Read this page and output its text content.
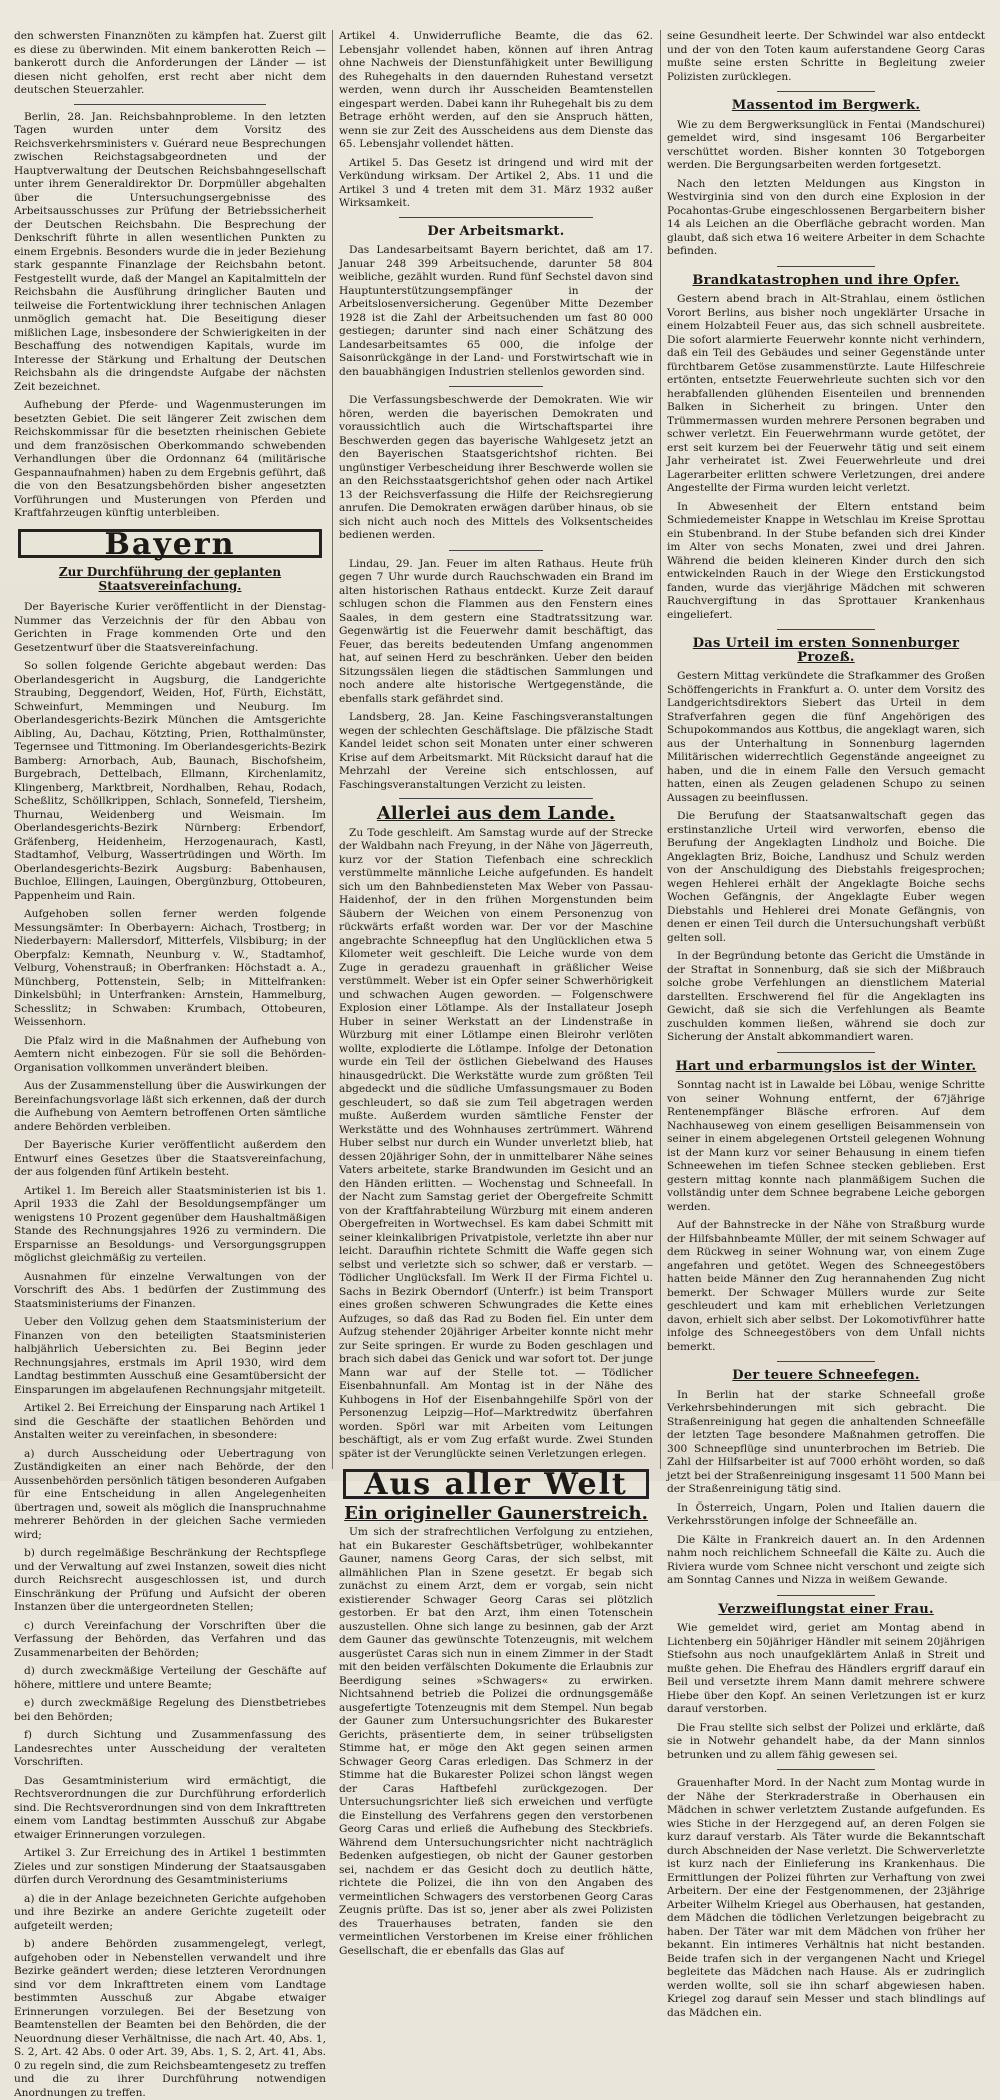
den schwersten Finanznöten zu kämpfen hat. Zuerst gilt es diese zu überwinden. Mit einem bankerotten Reich — bankerott durch die Anforderungen der Länder — ist diesen nicht geholfen, erst recht aber nicht dem deutschen Steuerzahler.

Berlin, 28. Jan. Reichsbahnprobleme. In den letzten Tagen wurden unter dem Vorsitz des Reichsverkehrsministers v. Guérard neue Besprechungen zwischen Reichstagsabgeordneten und der Hauptverwaltung der Deutschen Reichsbahngesellschaft unter ihrem Generaldirektor Dr. Dorpmüller abgehalten über die Untersuchungsergebnisse des Arbeitsausschusses zur Prüfung der Betriebssicherheit der Deutschen Reichsbahn. Die Besprechung der Denkschrift führte in allen wesentlichen Punkten zu einem Ergebnis. Besonders wurde die in jeder Beziehung stark gespannte Finanzlage der Reichsbahn betont. Festgestellt wurde, daß der Mangel an Kapitalmitteln der Reichsbahn die Ausführung dringlicher Bauten und teilweise die Fortentwicklung ihrer technischen Anlagen unmöglich gemacht hat. Die Beseitigung dieser mißlichen Lage, insbesondere der Schwierigkeiten in der Beschaffung des notwendigen Kapitals, wurde im Interesse der Stärkung und Erhaltung der Deutschen Reichsbahn als die dringendste Aufgabe der nächsten Zeit bezeichnet.

Aufhebung der Pferde- und Wagenmusterungen im besetzten Gebiet. Die seit längerer Zeit zwischen dem Reichskommissar für die besetzten rheinischen Gebiete und dem französischen Oberkommando schwebenden Verhandlungen über die Ordonnanz 64 (militärische Gespannaufnahmen) haben zu dem Ergebnis geführt, daß die von den Besatzungsbehörden bisher angesetzten Vorführungen und Musterungen von Pferden und Kraftfahrzeugen künftig unterbleiben.

Bayern
Zur Durchführung der geplanten Staatsvereinfachung.

Der Bayerische Kurier veröffentlicht in der Dienstag-Nummer das Verzeichnis der für den Abbau von Gerichten in Frage kommenden Orte und den Gesetzentwurf über die Staatsvereinfachung.

So sollen folgende Gerichte abgebaut werden: Das Oberlandesgericht in Augsburg, die Landgerichte Straubing, Deggendorf, Weiden, Hof, Fürth, Eichstätt, Schweinfurt, Memmingen und Neuburg. Im Oberlandesgerichts-Bezirk München die Amtsgerichte Aibling, Au, Dachau, Kötzting, Prien, Rotthalmünster, Tegernsee und Tittmoning. Im Oberlandesgerichts-Bezirk Bamberg: Arnorbach, Aub, Baunach, Bischofsheim, Burgebrach, Dettelbach, Ellmann, Kirchenlamitz, Klingenberg, Marktbreit, Nordhalben, Rehau, Rodach, Scheßlitz, Schöllkrippen, Schlach, Sonnefeld, Tiersheim, Thurnau, Weidenberg und Weismain. Im Oberlandesgerichts-Bezirk Nürnberg: Erbendorf, Gräfenberg, Heidenheim, Herzogenaurach, Kastl, Stadtamhof, Velburg, Wassertrüdingen und Wörth. Im Oberlandesgerichts-Bezirk Augsburg: Babenhausen, Buchloe, Ellingen, Lauingen, Obergünzburg, Ottobeuren, Pappenheim und Rain.

Aufgehoben sollen ferner werden folgende Messungsämter: In Oberbayern: Aichach, Trostberg; in Niederbayern: Mallersdorf, Mitterfels, Vilsbiburg; in der Oberpfalz: Kemnath, Neunburg v. W., Stadtamhof, Velburg, Vohenstrauß; in Oberfranken: Höchstadt a. A., Münchberg, Pottenstein, Selb; in Mittelfranken: Dinkelsbühl; in Unterfranken: Arnstein, Hammelburg, Schesslitz; in Schwaben: Krumbach, Ottobeuren, Weissenhorn.

Die Pfalz wird in die Maßnahmen der Aufhebung von Aemtern nicht einbezogen. Für sie soll die Behörden-Organisation vollkommen unverändert bleiben.

Aus der Zusammenstellung über die Auswirkungen der Bereinfachungsvorlage läßt sich erkennen, daß der durch die Aufhebung von Aemtern betroffenen Orten sämtliche andere Behörden verbleiben.

Der Bayerische Kurier veröffentlicht außerdem den Entwurf eines Gesetzes über die Staatsvereinfachung, der aus folgenden fünf Artikeln besteht.

Artikel 1. Im Bereich aller Staatsministerien ist bis 1. April 1933 die Zahl der Besoldungsempfänger um wenigstens 10 Prozent gegenüber dem Haushaltmäßigen Stande des Rechnungsjahres 1926 zu vermindern. Die Ersparnisse an Besoldungs- und Versorgungsgruppen möglichst gleichmäßig zu verteilen.

Ausnahmen für einzelne Verwaltungen von der Vorschrift des Abs. 1 bedürfen der Zustimmung des Staatsministeriums der Finanzen.

Ueber den Vollzug gehen dem Staatsministerium der Finanzen von den beteiligten Staatsministerien halbjährlich Uebersichten zu. Bei Beginn jeder Rechnungsjahres, erstmals im April 1930, wird dem Landtag bestimmten Ausschuß eine Gesamtübersicht der Einsparungen im abgelaufenen Rechnungsjahr mitgeteilt.

Artikel 2. Bei Erreichung der Einsparung nach Artikel 1 sind die Geschäfte der staatlichen Behörden und Anstalten weiter zu vereinfachen, in sbesondere:

a) durch Ausscheidung oder Uebertragung von Zuständigkeiten an einer nach Behörde, der den Aussenbehörden persönlich tätigen besonderen Aufgaben für eine Entscheidung in allen Angelegenheiten übertragen und, soweit als möglich die Inanspruchnahme mehrerer Behörden in der gleichen Sache vermieden wird;

b) durch regelmäßige Beschränkung der Rechtspflege und der Verwaltung auf zwei Instanzen, soweit dies nicht durch Reichsrecht ausgeschlossen ist, und durch Einschränkung der Prüfung und Aufsicht der oberen Instanzen über die untergeordneten Stellen;

c) durch Vereinfachung der Vorschriften über die Verfassung der Behörden, das Verfahren und das Zusammenarbeiten der Behörden;

d) durch zweckmäßige Verteilung der Geschäfte auf höhere, mittlere und untere Beamte;

e) durch zweckmäßige Regelung des Dienstbetriebes bei den Behörden;

f) durch Sichtung und Zusammenfassung des Landesrechtes unter Ausscheidung der veralteten Vorschriften.

Das Gesamtministerium wird ermächtigt, die Rechtsverordnungen die zur Durchführung erforderlich sind. Die Rechtsverordnungen sind von dem Inkrafttreten einem vom Landtag bestimmten Ausschuß zur Abgabe etwaiger Erinnerungen vorzulegen.

Artikel 3. Zur Erreichung des in Artikel 1 bestimmten Zieles und zur sonstigen Minderung der Staatsausgaben dürfen durch Verordnung des Gesamtministeriums

a) die in der Anlage bezeichneten Gerichte aufgehoben und ihre Bezirke an andere Gerichte zugeteilt oder aufgeteilt werden;

b) andere Behörden zusammengelegt, verlegt, aufgehoben oder in Nebenstellen verwandelt und ihre Bezirke geändert werden; diese letzteren Verordnungen sind vor dem Inkrafttreten einem vom Landtage bestimmten Ausschuß zur Abgabe etwaiger Erinnerungen vorzulegen. Bei der Besetzung von Beamtenstellen der Beamten bei den Behörden, die der Neuordnung dieser Verhältnisse, die nach Art. 40, Abs. 1, S. 2, Art. 42 Abs. 0 oder Art. 39, Abs. 1, S. 2, Art. 41, Abs. 0 zu regeln sind, die zum Reichsbeamtengesetz zu treffen und die zu ihrer Durchführung notwendigen Anordnungen zu treffen.

Artikel 4. Unwiderrufliche Beamte, die das 62. Lebensjahr vollendet haben, können auf ihren Antrag ohne Nachweis der Dienstunfähigkeit unter Bewilligung des Ruhegehalts in den dauernden Ruhestand versetzt werden, wenn durch ihr Ausscheiden Beamtenstellen eingespart werden. Dabei kann ihr Ruhegehalt bis zu dem Betrage erhöht werden, auf den sie Anspruch hätten, wenn sie zur Zeit des Ausscheidens aus dem Dienste das 65. Lebensjahr vollendet hätten.

Artikel 5. Das Gesetz ist dringend und wird mit der Verkündung wirksam. Der Artikel 2, Abs. 11 und die Artikel 3 und 4 treten mit dem 31. März 1932 außer Wirksamkeit.

Der Arbeitsmarkt.

Das Landesarbeitsamt Bayern berichtet, daß am 17. Januar 248 399 Arbeitsuchende, darunter 58 804 weibliche, gezählt wurden. Rund fünf Sechstel davon sind Hauptunterstützungsempfänger in der Arbeitslosenversicherung. Gegenüber Mitte Dezember 1928 ist die Zahl der Arbeitsuchenden um fast 80 000 gestiegen; darunter sind nach einer Schätzung des Landesarbeitsamtes 65 000, die infolge der Saisonrückgänge in der Land- und Forstwirtschaft wie in den bauabhängigen Industrien stellenlos geworden sind.

Die Verfassungsbeschwerde der Demokraten. Wie wir hören, werden die bayerischen Demokraten und voraussichtlich auch die Wirtschaftspartei ihre Beschwerden gegen das bayerische Wahlgesetz jetzt an den Bayerischen Staatsgerichtshof richten. Bei ungünstiger Verbescheidung ihrer Beschwerde wollen sie an den Reichsstaatsgerichtshof gehen oder nach Artikel 13 der Reichsverfassung die Hilfe der Reichsregierung anrufen. Die Demokraten erwägen darüber hinaus, ob sie sich nicht auch noch des Mittels des Volksentscheides bedienen werden.

Lindau, 29. Jan. Feuer im alten Rathaus. Heute früh gegen 7 Uhr wurde durch Rauchschwaden ein Brand im alten historischen Rathaus entdeckt. Kurze Zeit darauf schlugen schon die Flammen aus den Fenstern eines Saales, in dem gestern eine Stadtratssitzung war. Gegenwärtig ist die Feuerwehr damit beschäftigt, das Feuer, das bereits bedeutenden Umfang angenommen hat, auf seinen Herd zu beschränken. Ueber den beiden Sitzungssälen liegen die städtischen Sammlungen und noch andere alte historische Wertgegenstände, die ebenfalls stark gefährdet sind.

Landsberg, 28. Jan. Keine Faschingsveranstaltungen wegen der schlechten Geschäftslage. Die pfälzische Stadt Kandel leidet schon seit Monaten unter einer schweren Krise auf dem Arbeitsmarkt. Mit Rücksicht darauf hat die Mehrzahl der Vereine sich entschlossen, auf Faschingsveranstaltungen Verzicht zu leisten.

Allerlei aus dem Lande.

Zu Tode geschleift. Am Samstag wurde auf der Strecke der Waldbahn nach Freyung, in der Nähe von Jägerreuth, kurz vor der Station Tiefenbach eine schrecklich verstümmelte männliche Leiche aufgefunden. Es handelt sich um den Bahnbediensteten Max Weber von Passau-Haidenhof, der in den frühen Morgenstunden beim Säubern der Weichen von einem Personenzug von rückwärts erfaßt worden war. Der vor der Maschine angebrachte Schneepflug hat den Unglücklichen etwa 5 Kilometer weit geschleift. Die Leiche wurde von dem Zuge in geradezu grauenhaft in gräßlicher Weise verstümmelt. Weber ist ein Opfer seiner Schwerhörigkeit und schwachen Augen geworden. — Folgenschwere Explosion einer Lötlampe. Als der Installateur Joseph Huber in seiner Werkstatt an der Lindenstraße in Würzburg mit einer Lötlampe einen Bleirohr verlöten wollte, explodierte die Lötlampe. Infolge der Detonation wurde ein Teil der östlichen Giebelwand des Hauses hinausgedrückt. Die Werkstätte wurde zum größten Teil abgedeckt und die südliche Umfassungsmauer zu Boden geschleudert, so daß sie zum Teil abgetragen werden mußte. Außerdem wurden sämtliche Fenster der Werkstätte und des Wohnhauses zertrümmert. Während Huber selbst nur durch ein Wunder unverletzt blieb, hat dessen 20jähriger Sohn, der in unmittelbarer Nähe seines Vaters arbeitete, starke Brandwunden im Gesicht und an den Händen erlitten. — Wochenstag und Schneefall. In der Nacht zum Samstag geriet der Obergefreite Schmitt von der Kraftfahrabteilung Würzburg mit einem anderen Obergefreiten in Wortwechsel. Es kam dabei Schmitt mit seiner kleinkalibrigen Privatpistole, verletzte ihn aber nur leicht. Daraufhin richtete Schmitt die Waffe gegen sich selbst und verletzte sich so schwer, daß er verstarb. — Tödlicher Unglücksfall. Im Werk II der Firma Fichtel u. Sachs in Bezirk Oberndorf (Unterfr.) ist beim Transport eines großen schweren Schwungrades die Kette eines Aufzuges, so daß das Rad zu Boden fiel. Ein unter dem Aufzug stehender 20jähriger Arbeiter konnte nicht mehr zur Seite springen. Er wurde zu Boden geschlagen und brach sich dabei das Genick und war sofort tot. Der junge Mann war auf der Stelle tot. — Tödlicher Eisenbahnunfall. Am Montag ist in der Nähe des Kuhbogens in Hof der Eisenbahngehilfe Spörl von der Personenzug Leipzig—Hof—Marktredwitz überfahren worden. Spörl war mit Arbeiten vom Leitungen beschäftigt, als er vom Zug erfaßt wurde. Zwei Stunden später ist der Verunglückte seinen Verletzungen erlegen.

Aus aller Welt
Ein origineller Gaunerstreich.

Um sich der strafrechtlichen Verfolgung zu entziehen, hat ein Bukarester Geschäftsbetrüger, wohlbekannter Gauner, namens Georg Caras, der sich selbst, mit allmählichen Plan in Szene gesetzt. Er begab sich zunächst zu einem Arzt, dem er vorgab, sein nicht existierender Schwager Georg Caras sei plötzlich gestorben. Er bat den Arzt, ihm einen Totenschein auszustellen. Ohne sich lange zu besinnen, gab der Arzt dem Gauner das gewünschte Totenzeugnis, mit welchem ausgerüstet Caras sich nun in einem Zimmer in der Stadt mit den beiden verfälschten Dokumente die Erlaubnis zur Beerdigung seines »Schwagers« zu erwirken. Nichtsahnend betrieb die Polizei die ordnungsgemäße ausgefertigte Totenzeugnis mit dem Stempel. Nun begab der Gauner zum Untersuchungsrichter des Bukarester Gerichts, präsentierte dem, in seiner trübseligsten Stimme hat, er möge den Akt gegen seinen armen Schwager Georg Caras erledigen. Das Schmerz in der Stimme hat die Bukarester Polizei schon längst wegen der Caras Haftbefehl zurückgezogen. Der Untersuchungsrichter ließ sich erweichen und verfügte die Einstellung des Verfahrens gegen den verstorbenen Georg Caras und erließ die Aufhebung des Steckbriefs. Während dem Untersuchungsrichter nicht nachträglich Bedenken aufgestiegen, ob nicht der Gauner gestorben sei, nachdem er das Gesicht doch zu deutlich hätte, richtete die Polizei, die ihn von den Angaben des vermeintlichen Schwagers des verstorbenen Georg Caras Zeugnis prüfte. Das ist so, jener aber als zwei Polizisten des Trauerhauses betraten, fanden sie den vermeintlichen Verstorbenen im Kreise einer fröhlichen Gesellschaft, die er ebenfalls das Glas auf

seine Gesundheit leerte. Der Schwindel war also entdeckt und der von den Toten kaum auferstandene Georg Caras mußte seine ersten Schritte in Begleitung zweier Polizisten zurücklegen.

Massentod im Bergwerk.

Wie zu dem Bergwerksunglück in Fentai (Mandschurei) gemeldet wird, sind insgesamt 106 Bergarbeiter verschüttet worden. Bisher konnten 30 Totgeborgen werden. Die Bergungsarbeiten werden fortgesetzt.

Nach den letzten Meldungen aus Kingston in Westvirginia sind von den durch eine Explosion in der Pocahontas-Grube eingeschlossenen Bergarbeitern bisher 14 als Leichen an die Oberfläche gebracht worden. Man glaubt, daß sich etwa 16 weitere Arbeiter in dem Schachte befinden.

Brandkatastrophen und ihre Opfer.

Gestern abend brach in Alt-Strahlau, einem östlichen Vorort Berlins, aus bisher noch ungeklärter Ursache in einem Holzabteil Feuer aus, das sich schnell ausbreitete. Die sofort alarmierte Feuerwehr konnte nicht verhindern, daß ein Teil des Gebäudes und seiner Gegenstände unter fürchtbarem Getöse zusammenstürzte. Laute Hilfeschreie ertönten, entsetzte Feuerwehrleute suchten sich vor den herabfallenden glühenden Eisenteilen und brennenden Balken in Sicherheit zu bringen. Unter den Trümmermassen wurden mehrere Personen begraben und schwer verletzt. Ein Feuerwehrmann wurde getötet, der erst seit kurzem bei der Feuerwehr tätig und seit einem Jahr verheiratet ist. Zwei Feuerwehrleute und drei Lagerarbeiter erlitten schwere Verletzungen, drei andere Angestellte der Firma wurden leicht verletzt.

In Abwesenheit der Eltern entstand beim Schmiedemeister Knappe in Wetschlau im Kreise Sprottau ein Stubenbrand. In der Stube befanden sich drei Kinder im Alter von sechs Monaten, zwei und drei Jahren. Während die beiden kleineren Kinder durch den sich entwickelnden Rauch in der Wiege den Erstickungstod fanden, wurde das vierjährige Mädchen mit schweren Rauchvergiftung in das Sprottauer Krankenhaus eingeliefert.

Das Urteil im ersten Sonnenburger Prozeß.

Gestern Mittag verkündete die Strafkammer des Großen Schöffengerichts in Frankfurt a. O. unter dem Vorsitz des Landgerichtsdirektors Siebert das Urteil in dem Strafverfahren gegen die fünf Angehörigen des Schupokommandos aus Kottbus, die angeklagt waren, sich aus der Unterhaltung in Sonnenburg lagernden Militärischen widerrechtlich Gegenstände angeeignet zu haben, und die in einem Falle den Versuch gemacht hatten, einen als Zeugen geladenen Schupo zu seinen Aussagen zu beeinflussen.

Die Berufung der Staatsanwaltschaft gegen das erstinstanzliche Urteil wird verworfen, ebenso die Berufung der Angeklagten Lindholz und Boiche. Die Angeklagten Briz, Boiche, Landhusz und Schulz werden von der Anschuldigung des Diebstahls freigesprochen; wegen Hehlerei erhält der Angeklagte Boiche sechs Wochen Gefängnis, der Angeklagte Euber wegen Diebstahls und Hehlerei drei Monate Gefängnis, von denen er einen Teil durch die Untersuchungshaft verbüßt gelten soll.

In der Begründung betonte das Gericht die Umstände in der Straftat in Sonnenburg, daß sie sich der Mißbrauch solche grobe Verfehlungen an dienstlichem Material darstellten. Erschwerend fiel für die Angeklagten ins Gewicht, daß sie sich die Verfehlungen als Beamte zuschulden kommen ließen, während sie doch zur Sicherung der Anstalt abkommandiert waren.

Hart und erbarmungslos ist der Winter.

Sonntag nacht ist in Lawalde bei Löbau, wenige Schritte von seiner Wohnung entfernt, der 67jährige Rentenempfänger Bläsche erfroren. Auf dem Nachhauseweg von einem geselligen Beisammensein von seiner in einem abgelegenen Ortsteil gelegenen Wohnung ist der Mann kurz vor seiner Behausung in einem tiefen Schneewehen im tiefen Schnee stecken geblieben. Erst gestern mittag konnte nach planmäßigem Suchen die vollständig unter dem Schnee begrabene Leiche geborgen werden.

Auf der Bahnstrecke in der Nähe von Straßburg wurde der Hilfsbahnbeamte Müller, der mit seinem Schwager auf dem Rückweg in seiner Wohnung war, von einem Zuge angefahren und getötet. Wegen des Schneegestöbers hatten beide Männer den Zug herannahenden Zug nicht bemerkt. Der Schwager Müllers wurde zur Seite geschleudert und kam mit erheblichen Verletzungen davon, erhielt sich aber selbst. Der Lokomotivführer hatte infolge des Schneegestöbers von dem Unfall nichts bemerkt.

Der teuere Schneefegen.

In Berlin hat der starke Schneefall große Verkehrsbehinderungen mit sich gebracht. Die Straßenreinigung hat gegen die anhaltenden Schneefälle der letzten Tage besondere Maßnahmen getroffen. Die 300 Schneepflüge sind ununterbrochen im Betrieb. Die Zahl der Hilfsarbeiter ist auf 7000 erhöht worden, so daß jetzt bei der Straßenreinigung insgesamt 11 500 Mann bei der Straßenreinigung tätig sind.

In Österreich, Ungarn, Polen und Italien dauern die Verkehrsstörungen infolge der Schneefälle an.

Die Kälte in Frankreich dauert an. In den Ardennen nahm noch reichlichem Schneefall die Kälte zu. Auch die Riviera wurde vom Schnee nicht verschont und zeigte sich am Sonntag Cannes und Nizza in weißem Gewande.

Verzweiflungstat einer Frau.

Wie gemeldet wird, geriet am Montag abend in Lichtenberg ein 50jähriger Händler mit seinem 20jährigen Stiefsohn aus noch unaufgeklärtem Anlaß in Streit und mußte gehen. Die Ehefrau des Händlers ergriff darauf ein Beil und versetzte ihrem Mann damit mehrere schwere Hiebe über den Kopf. An seinen Verletzungen ist er kurz darauf verstorben.

Die Frau stellte sich selbst der Polizei und erklärte, daß sie in Notwehr gehandelt habe, da der Mann sinnlos betrunken und zu allem fähig gewesen sei.

Grauenhafter Mord. In der Nacht zum Montag wurde in der Nähe der Sterkraderstraße in Oberhausen ein Mädchen in schwer verletztem Zustande aufgefunden. Es wies Stiche in der Herzgegend auf, an deren Folgen sie kurz darauf verstarb. Als Täter wurde die Bekanntschaft durch Abschneiden der Nase verletzt. Die Schwerverletzte ist kurz nach der Einlieferung ins Krankenhaus. Die Ermittlungen der Polizei führten zur Verhaftung von zwei Arbeitern. Der eine der Festgenommenen, der 23jährige Arbeiter Wilhelm Kriegel aus Oberhausen, hat gestanden, dem Mädchen die tödlichen Verletzungen beigebracht zu haben. Der Täter war mit dem Mädchen von früher her bekannt. Ein intimeres Verhältnis hat nicht bestanden. Beide trafen sich in der vergangenen Nacht und Kriegel begleitete das Mädchen nach Hause. Als er zudringlich werden wollte, soll sie ihn scharf abgewiesen haben. Kriegel zog darauf sein Messer und stach blindlings auf das Mädchen ein.
